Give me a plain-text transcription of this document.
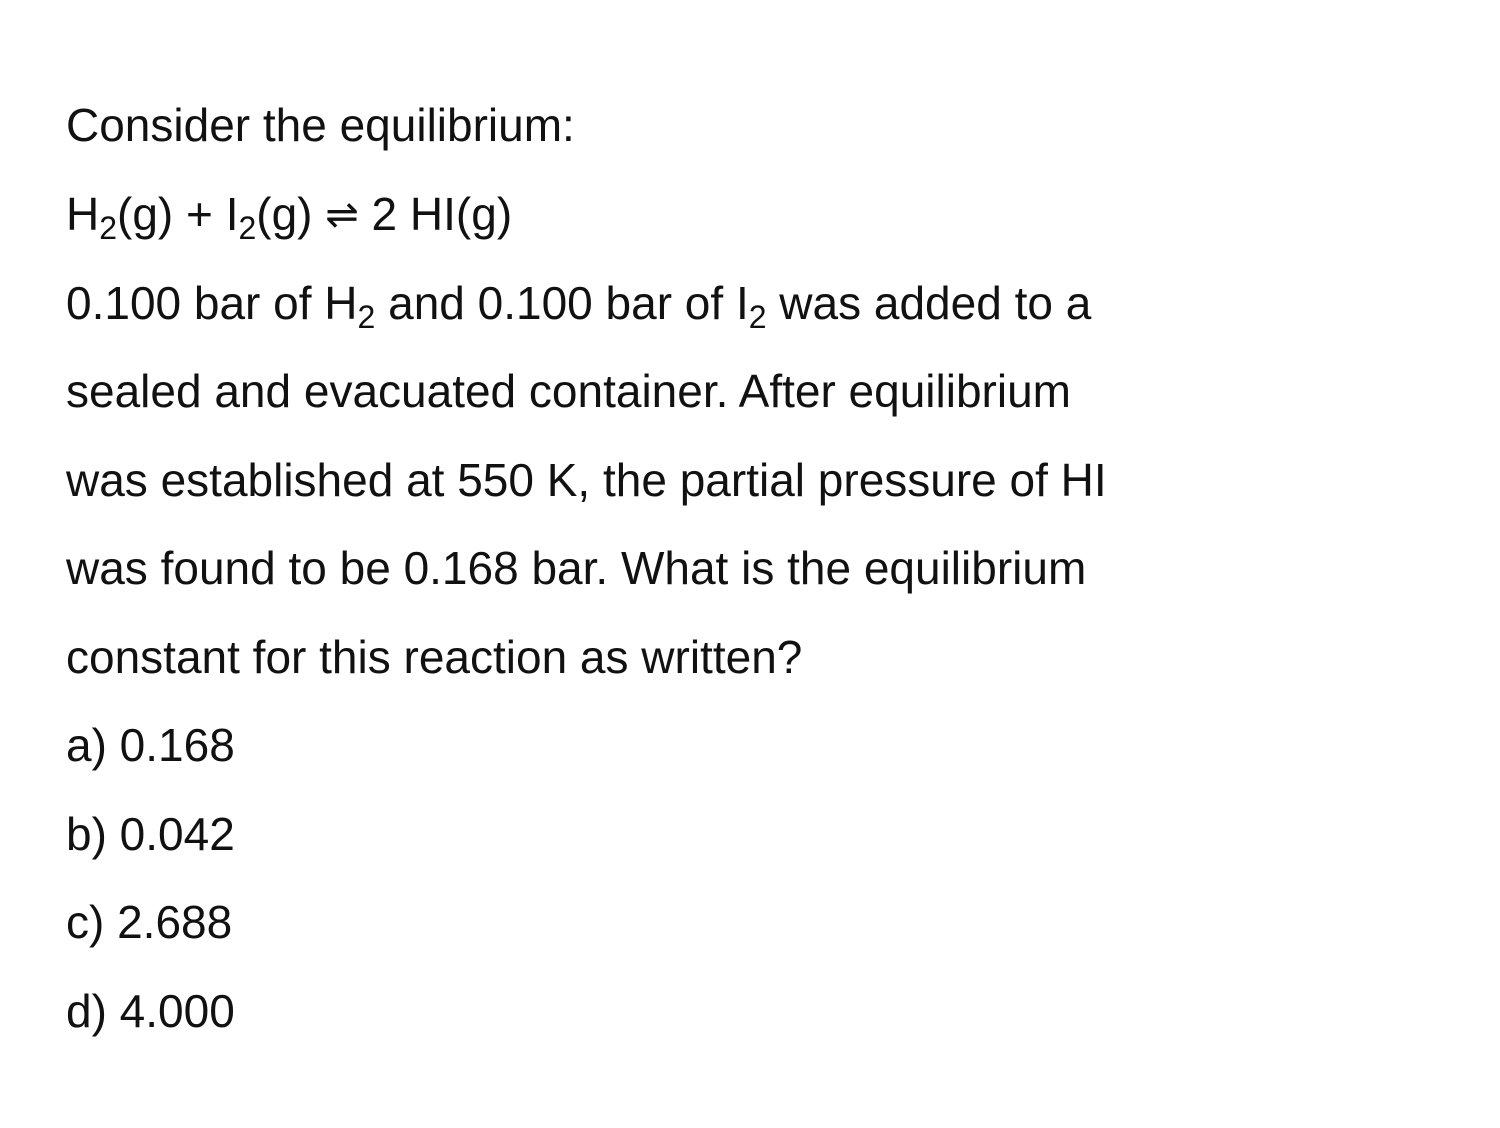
Consider the equilibrium:
H2(g) + I2(g) ⇌ 2 HI(g)
0.100 bar of H2 and 0.100 bar of I2 was added to a
sealed and evacuated container. After equilibrium
was established at 550 K, the partial pressure of HI
was found to be 0.168 bar. What is the equilibrium
constant for this reaction as written?
a) 0.168
b) 0.042
c) 2.688
d) 4.000
